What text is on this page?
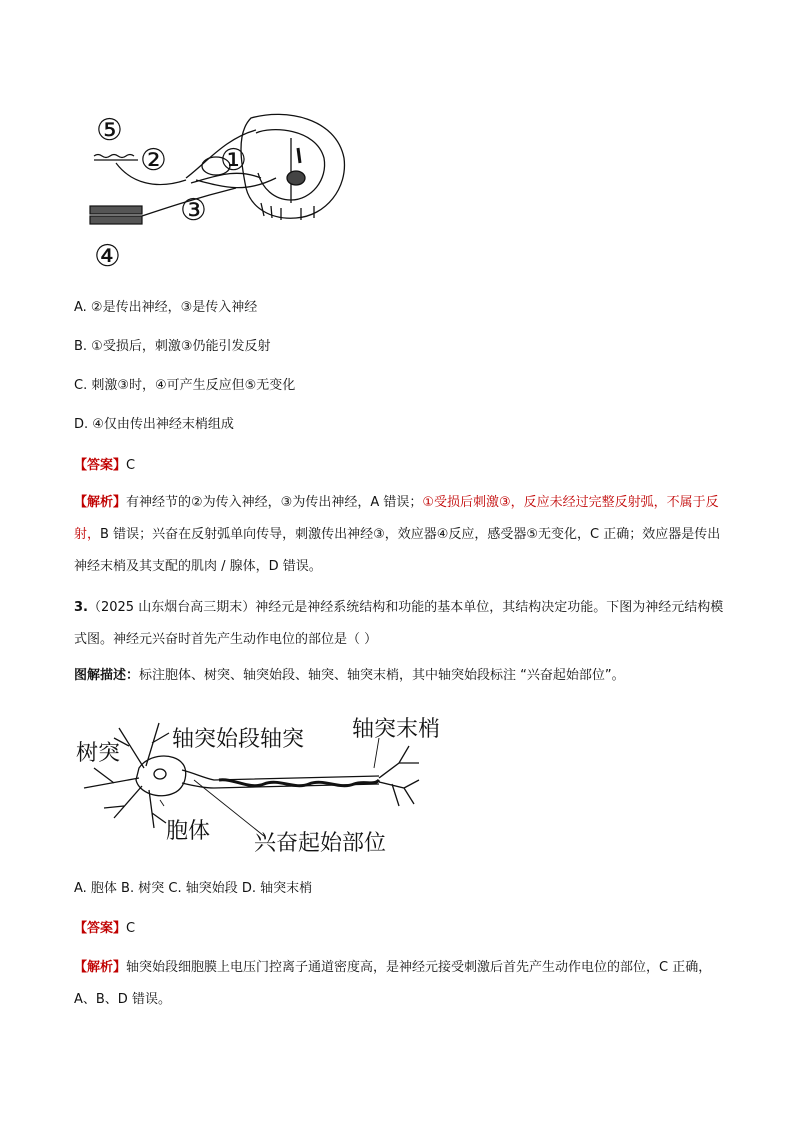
⑤
② ①
③
④
A. ②是传出神经，③是传入神经
B. ①受损后，刺激③仍能引发反射
C. 刺激③时，④可产生反应但⑤无变化
D. ④仅由传出神经末梢组成
【答案】C
【解析】有神经节的②为传入神经，③为传出神经，A 错误；①受损后刺激③，反应未经过完整反射弧，不属于反射，B 错误；兴奋在反射弧单向传导，刺激传出神经③，效应器④反应，感受器⑤无变化，C 正确；效应器是传出神经末梢及其支配的肌肉 / 腺体，D 错误。
3.（2025 山东烟台高三期末）神经元是神经系统结构和功能的基本单位，其结构决定功能。下图为神经元结构模式图。神经元兴奋时首先产生动作电位的部位是（ ）
图解描述：标注胞体、树突、轴突始段、轴突、轴突末梢，其中轴突始段标注 “兴奋起始部位”。
树突
轴突始段轴突 轴突末梢
胞体 兴奋起始部位
A. 胞体 B. 树突 C. 轴突始段 D. 轴突末梢
【答案】C
【解析】轴突始段细胞膜上电压门控离子通道密度高，是神经元接受刺激后首先产生动作电位的部位，C 正确，A、B、D 错误。
